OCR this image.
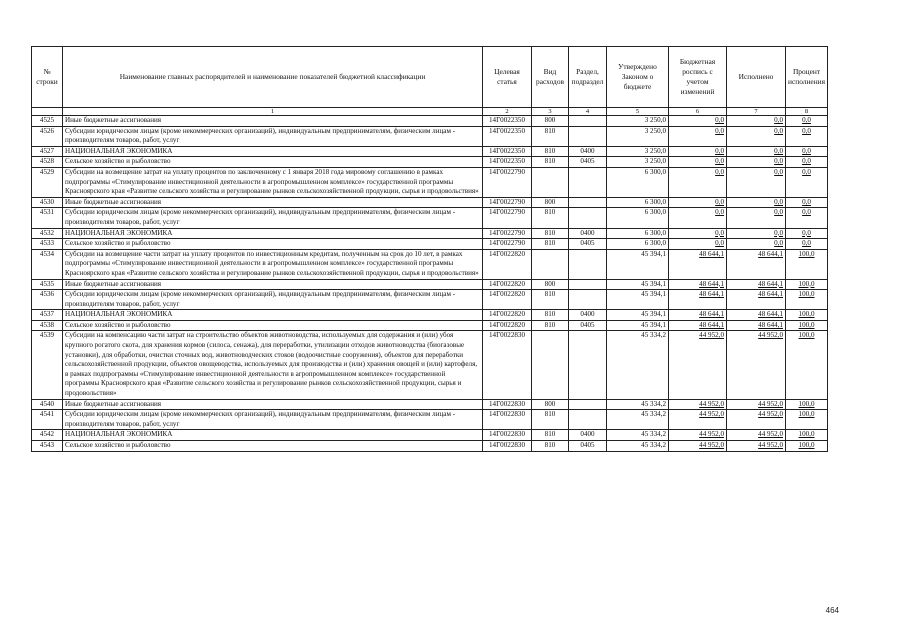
№ строки	Наименование главных распорядителей и наименование показателей бюджетной классификации	Целевая статья	Вид расходов	Раздел, подраздел	Утверждено Законом о бюджете	Бюджетная роспись с учетом изменений	Исполнено	Процент исполнения
	1	2	3	4	5	6	7	8
4525	Иные бюджетные ассигнования	14Г0022350	800		3 250,0	0,0	0,0	0,0
4526	Субсидии юридическим лицам (кроме некоммерческих организаций), индивидуальным предпринимателям, физическим лицам - производителям товаров, работ, услуг	14Г0022350	810		3 250,0	0,0	0,0	0,0
4527	НАЦИОНАЛЬНАЯ ЭКОНОМИКА	14Г0022350	810	0400	3 250,0	0,0	0,0	0,0
4528	Сельское хозяйство и рыболовство	14Г0022350	810	0405	3 250,0	0,0	0,0	0,0
4529	Субсидии на возмещение затрат на уплату процентов по заключенному с 1 января 2018 года мировому соглашению в рамках подпрограммы «Стимулирование инвестиционной деятельности в агропромышленном комплексе» государственной программы Красноярского края «Развитие сельского хозяйства и регулирование рынков сельскохозяйственной продукции, сырья и продовольствия»	14Г0022790			6 300,0	0,0	0,0	0,0
4530	Иные бюджетные ассигнования	14Г0022790	800		6 300,0	0,0	0,0	0,0
4531	Субсидии юридическим лицам (кроме некоммерческих организаций), индивидуальным предпринимателям, физическим лицам - производителям товаров, работ, услуг	14Г0022790	810		6 300,0	0,0	0,0	0,0
4532	НАЦИОНАЛЬНАЯ ЭКОНОМИКА	14Г0022790	810	0400	6 300,0	0,0	0,0	0,0
4533	Сельское хозяйство и рыболовство	14Г0022790	810	0405	6 300,0	0,0	0,0	0,0
4534	Субсидии на возмещение части затрат на уплату процентов по инвестиционным кредитам, полученным на срок до 10 лет, в рамках подпрограммы «Стимулирование инвестиционной деятельности в агропромышленном комплексе» государственной программы Красноярского края «Развитие сельского хозяйства и регулирование рынков сельскохозяйственной продукции, сырья и продовольствия»	14Г0022820			45 394,1	48 644,1	48 644,1	100,0
4535	Иные бюджетные ассигнования	14Г0022820	800		45 394,1	48 644,1	48 644,1	100,0
4536	Субсидии юридическим лицам (кроме некоммерческих организаций), индивидуальным предпринимателям, физическим лицам - производителям товаров, работ, услуг	14Г0022820	810		45 394,1	48 644,1	48 644,1	100,0
4537	НАЦИОНАЛЬНАЯ ЭКОНОМИКА	14Г0022820	810	0400	45 394,1	48 644,1	48 644,1	100,0
4538	Сельское хозяйство и рыболовство	14Г0022820	810	0405	45 394,1	48 644,1	48 644,1	100,0
4539	Субсидии на компенсацию части затрат на строительство объектов животноводства, используемых для содержания и (или) убоя крупного рогатого скота, для хранения кормов (силоса, сенажа), для переработки, утилизации отходов животноводства (биогазовые установки), для обработки, очистки сточных вод, животноводческих стоков (водоочистные сооружения), объектов для переработки сельскохозяйственной продукции, объектов овощеводства, используемых для производства и (или) хранения овощей и (или) картофеля, в рамках подпрограммы «Стимулирование инвестиционной деятельности в агропромышленном комплексе» государственной программы Красноярского края «Развитие сельского хозяйства и регулирование рынков сельскохозяйственной продукции, сырья и продовольствия»	14Г0022830			45 334,2	44 952,0	44 952,0	100,0
4540	Иные бюджетные ассигнования	14Г0022830	800		45 334,2	44 952,0	44 952,0	100,0
4541	Субсидии юридическим лицам (кроме некоммерческих организаций), индивидуальным предпринимателям, физическим лицам - производителям товаров, работ, услуг	14Г0022830	810		45 334,2	44 952,0	44 952,0	100,0
4542	НАЦИОНАЛЬНАЯ ЭКОНОМИКА	14Г0022830	810	0400	45 334,2	44 952,0	44 952,0	100,0
4543	Сельское хозяйство и рыболовство	14Г0022830	810	0405	45 334,2	44 952,0	44 952,0	100,0
464
